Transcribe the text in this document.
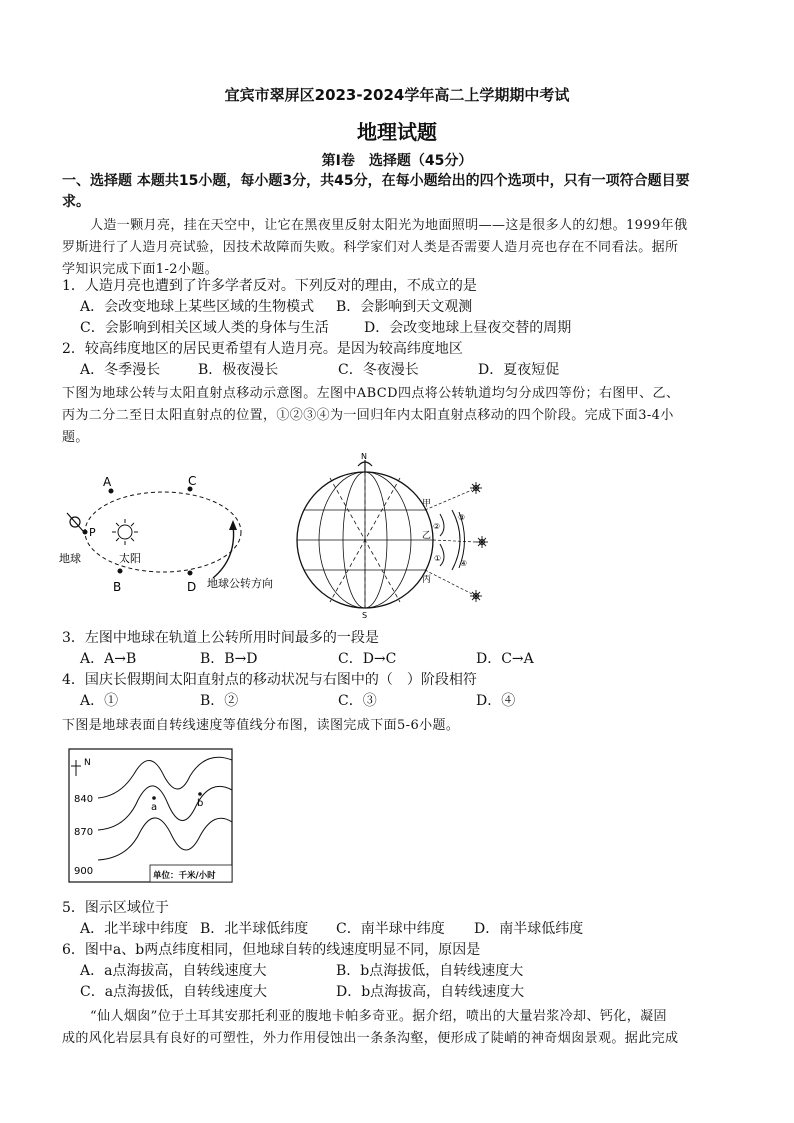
宜宾市翠屏区2023-2024学年高二上学期期中考试
地理试题
第Ⅰ卷　选择题（45分）
一、选择题 本题共15小题，每小题3分，共45分，在每小题给出的四个选项中，只有一项符合题目要
求。
人造一颗月亮，挂在天空中，让它在黑夜里反射太阳光为地面照明——这是很多人的幻想。1999年俄
罗斯进行了人造月亮试验，因技术故障而失败。科学家们对人类是否需要人造月亮也存在不同看法。据所
学知识完成下面1-2小题。
1．人造月亮也遭到了许多学者反对。下列反对的理由，不成立的是
A．会改变地球上某些区域的生物模式 B．会影响到天文观测
C．会影响到相关区域人类的身体与生活	D．会改变地球上昼夜交替的周期
2．较高纬度地区的居民更希望有人造月亮。是因为较高纬度地区
A．冬季漫长	B．极夜漫长	C．冬夜漫长	D．夏夜短促
下图为地球公转与太阳直射点移动示意图。左图中ABCD四点将公转轨道均匀分成四等份；右图甲、乙、
丙为二分二至日太阳直射点的位置，①②③④为一回归年内太阳直射点移动的四个阶段。完成下面3-4小
题。
A	C
B	D
P
地球	太阳
地球公转方向
N
S
甲
乙
丙
①
②
③
④
3．左图中地球在轨道上公转所用时间最多的一段是
A．A→B	B．B→D	C．D→C	D．C→A
4．国庆长假期间太阳直射点的移动状况与右图中的（　）阶段相符
A．①	B．②	C．③	D．④
下图是地球表面自转线速度等值线分布图，读图完成下面5-6小题。
N
840
870
900
a	b
单位：千米/小时
5．图示区域位于
A．北半球中纬度 B．北半球低纬度 C．南半球中纬度 D．南半球低纬度
6．图中a、b两点纬度相同，但地球自转的线速度明显不同，原因是
A．a点海拔高，自转线速度大	B．b点海拔低，自转线速度大
C．a点海拔低，自转线速度大	D．b点海拔高，自转线速度大
“仙人烟囱”位于土耳其安那托利亚的腹地卡帕多奇亚。据介绍，喷出的大量岩浆冷却、钙化，凝固
成的风化岩层具有良好的可塑性，外力作用侵蚀出一条条沟壑，便形成了陡峭的神奇烟囱景观。据此完成
